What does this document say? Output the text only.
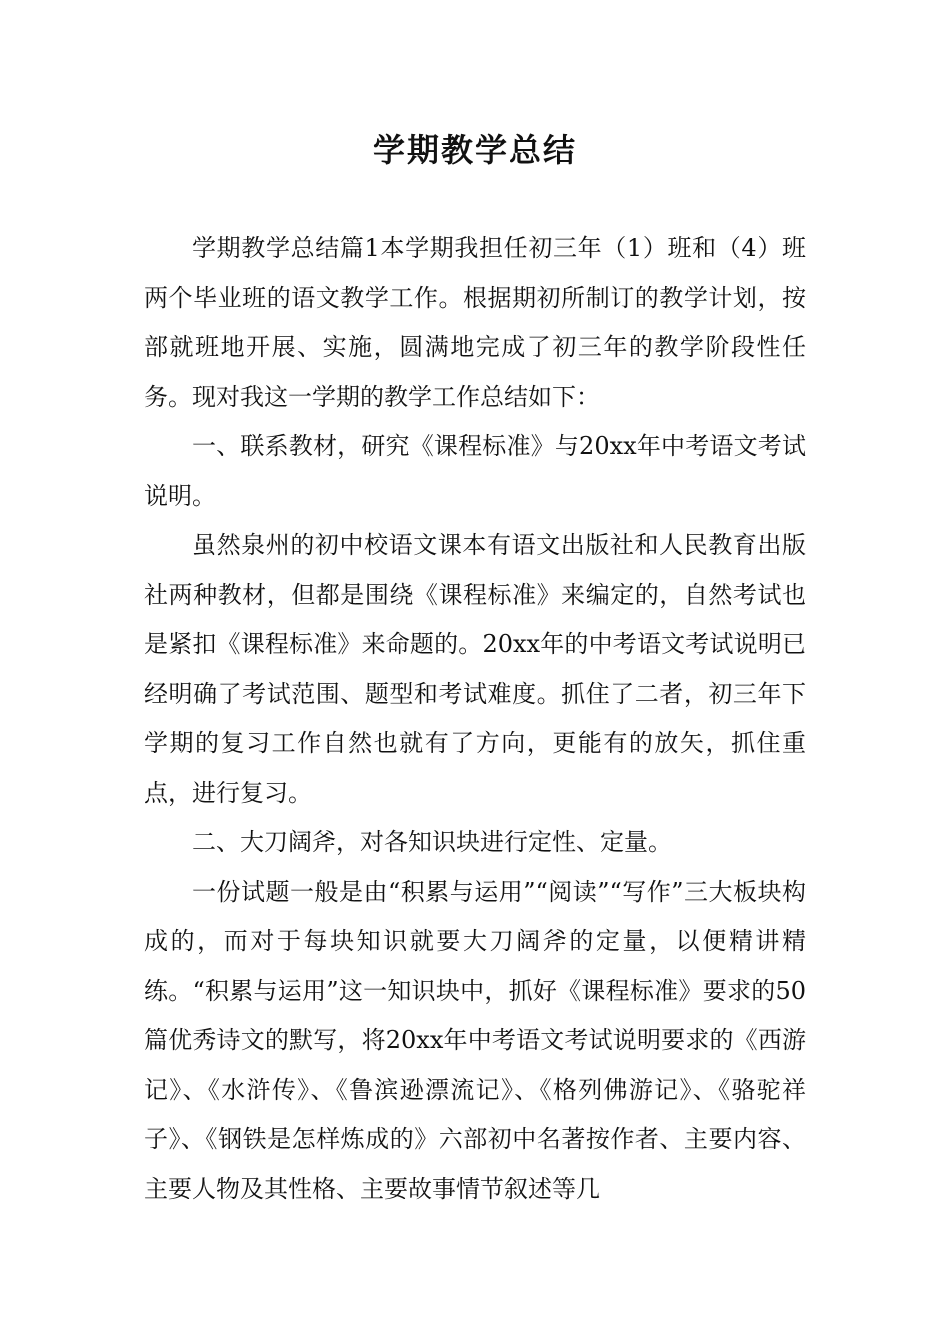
学期教学总结

学期教学总结篇1本学期我担任初三年（1）班和（4）班两个毕业班的语文教学工作。根据期初所制订的教学计划，按部就班地开展、实施，圆满地完成了初三年的教学阶段性任务。现对我这一学期的教学工作总结如下：

一、联系教材，研究《课程标准》与20xx年中考语文考试说明。

虽然泉州的初中校语文课本有语文出版社和人民教育出版社两种教材，但都是围绕《课程标准》来编定的，自然考试也是紧扣《课程标准》来命题的。20xx年的中考语文考试说明已经明确了考试范围、题型和考试难度。抓住了二者，初三年下学期的复习工作自然也就有了方向，更能有的放矢，抓住重点，进行复习。

二、大刀阔斧，对各知识块进行定性、定量。

一份试题一般是由“积累与运用”“阅读”“写作”三大板块构成的，而对于每块知识就要大刀阔斧的定量，以便精讲精练。“积累与运用”这一知识块中，抓好《课程标准》要求的50篇优秀诗文的默写，将20xx年中考语文考试说明要求的《西游记》、《水浒传》、《鲁滨逊漂流记》、《格列佛游记》、《骆驼祥子》、《钢铁是怎样炼成的》六部初中名著按作者、主要内容、主要人物及其性格、主要故事情节叙述等几
